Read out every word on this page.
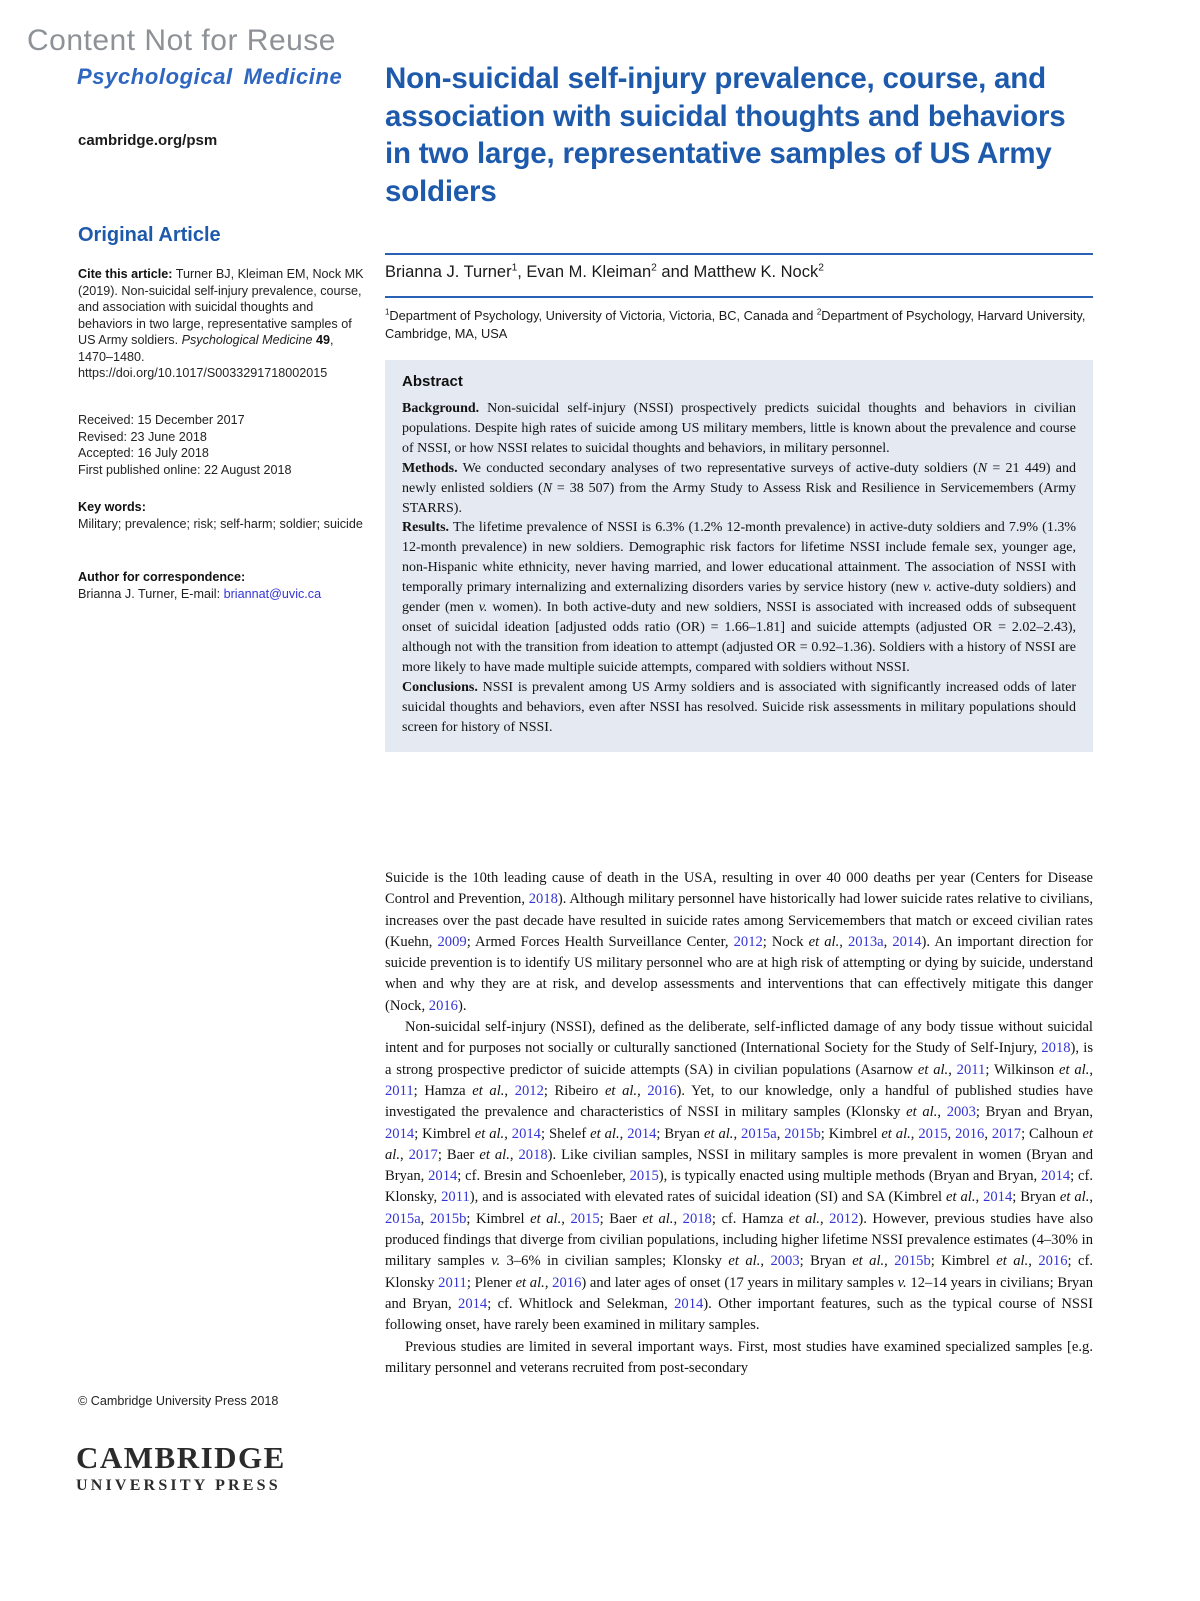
Content Not for Reuse
Psychological Medicine
cambridge.org/psm
Original Article
Cite this article: Turner BJ, Kleiman EM, Nock MK (2019). Non-suicidal self-injury prevalence, course, and association with suicidal thoughts and behaviors in two large, representative samples of US Army soldiers. Psychological Medicine 49, 1470–1480. https://doi.org/10.1017/S0033291718002015
Received: 15 December 2017
Revised: 23 June 2018
Accepted: 16 July 2018
First published online: 22 August 2018
Key words:
Military; prevalence; risk; self-harm; soldier; suicide
Author for correspondence:
Brianna J. Turner, E-mail: briannat@uvic.ca
© Cambridge University Press 2018
CAMBRIDGE
UNIVERSITY PRESS
Non-suicidal self-injury prevalence, course, and association with suicidal thoughts and behaviors in two large, representative samples of US Army soldiers

Brianna J. Turner$^1$, Evan M. Kleiman$^2$ and Matthew K. Nock$^2$

$^1$Department of Psychology, University of Victoria, Victoria, BC, Canada and $^2$Department of Psychology, Harvard University, Cambridge, MA, USA

Abstract

Background. Non-suicidal self-injury (NSSI) prospectively predicts suicidal thoughts and behaviors in civilian populations. Despite high rates of suicide among US military members, little is known about the prevalence and course of NSSI, or how NSSI relates to suicidal thoughts and behaviors, in military personnel.

Methods. We conducted secondary analyses of two representative surveys of active-duty soldiers (N = 21 449) and newly enlisted soldiers (N = 38 507) from the Army Study to Assess Risk and Resilience in Servicemembers (Army STARRS).

Results. The lifetime prevalence of NSSI is 6.3% (1.2% 12-month prevalence) in active-duty soldiers and 7.9% (1.3% 12-month prevalence) in new soldiers. Demographic risk factors for lifetime NSSI include female sex, younger age, non-Hispanic white ethnicity, never having married, and lower educational attainment. The association of NSSI with temporally primary internalizing and externalizing disorders varies by service history (new v. active-duty soldiers) and gender (men v. women). In both active-duty and new soldiers, NSSI is associated with increased odds of subsequent onset of suicidal ideation [adjusted odds ratio (OR) = 1.66–1.81] and suicide attempts (adjusted OR = 2.02–2.43), although not with the transition from ideation to attempt (adjusted OR = 0.92–1.36). Soldiers with a history of NSSI are more likely to have made multiple suicide attempts, compared with soldiers without NSSI.

Conclusions. NSSI is prevalent among US Army soldiers and is associated with significantly increased odds of later suicidal thoughts and behaviors, even after NSSI has resolved. Suicide risk assessments in military populations should screen for history of NSSI.

Suicide is the 10th leading cause of death in the USA, resulting in over 40 000 deaths per year (Centers for Disease Control and Prevention, 2018). Although military personnel have historically had lower suicide rates relative to civilians, increases over the past decade have resulted in suicide rates among Servicemembers that match or exceed civilian rates (Kuehn, 2009; Armed Forces Health Surveillance Center, 2012; Nock et al., 2013a, 2014). An important direction for suicide prevention is to identify US military personnel who are at high risk of attempting or dying by suicide, understand when and why they are at risk, and develop assessments and interventions that can effectively mitigate this danger (Nock, 2016).

Non-suicidal self-injury (NSSI), defined as the deliberate, self-inflicted damage of any body tissue without suicidal intent and for purposes not socially or culturally sanctioned (International Society for the Study of Self-Injury, 2018), is a strong prospective predictor of suicide attempts (SA) in civilian populations (Asarnow et al., 2011; Wilkinson et al., 2011; Hamza et al., 2012; Ribeiro et al., 2016). Yet, to our knowledge, only a handful of published studies have investigated the prevalence and characteristics of NSSI in military samples (Klonsky et al., 2003; Bryan and Bryan, 2014; Kimbrel et al., 2014; Shelef et al., 2014; Bryan et al., 2015a, 2015b; Kimbrel et al., 2015, 2016, 2017; Calhoun et al., 2017; Baer et al., 2018). Like civilian samples, NSSI in military samples is more prevalent in women (Bryan and Bryan, 2014; cf. Bresin and Schoenleber, 2015), is typically enacted using multiple methods (Bryan and Bryan, 2014; cf. Klonsky, 2011), and is associated with elevated rates of suicidal ideation (SI) and SA (Kimbrel et al., 2014; Bryan et al., 2015a, 2015b; Kimbrel et al., 2015; Baer et al., 2018; cf. Hamza et al., 2012). However, previous studies have also produced findings that diverge from civilian populations, including higher lifetime NSSI prevalence estimates (4–30% in military samples v. 3–6% in civilian samples; Klonsky et al., 2003; Bryan et al., 2015b; Kimbrel et al., 2016; cf. Klonsky 2011; Plener et al., 2016) and later ages of onset (17 years in military samples v. 12–14 years in civilians; Bryan and Bryan, 2014; cf. Whitlock and Selekman, 2014). Other important features, such as the typical course of NSSI following onset, have rarely been examined in military samples.

Previous studies are limited in several important ways. First, most studies have examined specialized samples [e.g. military personnel and veterans recruited from post-secondary
